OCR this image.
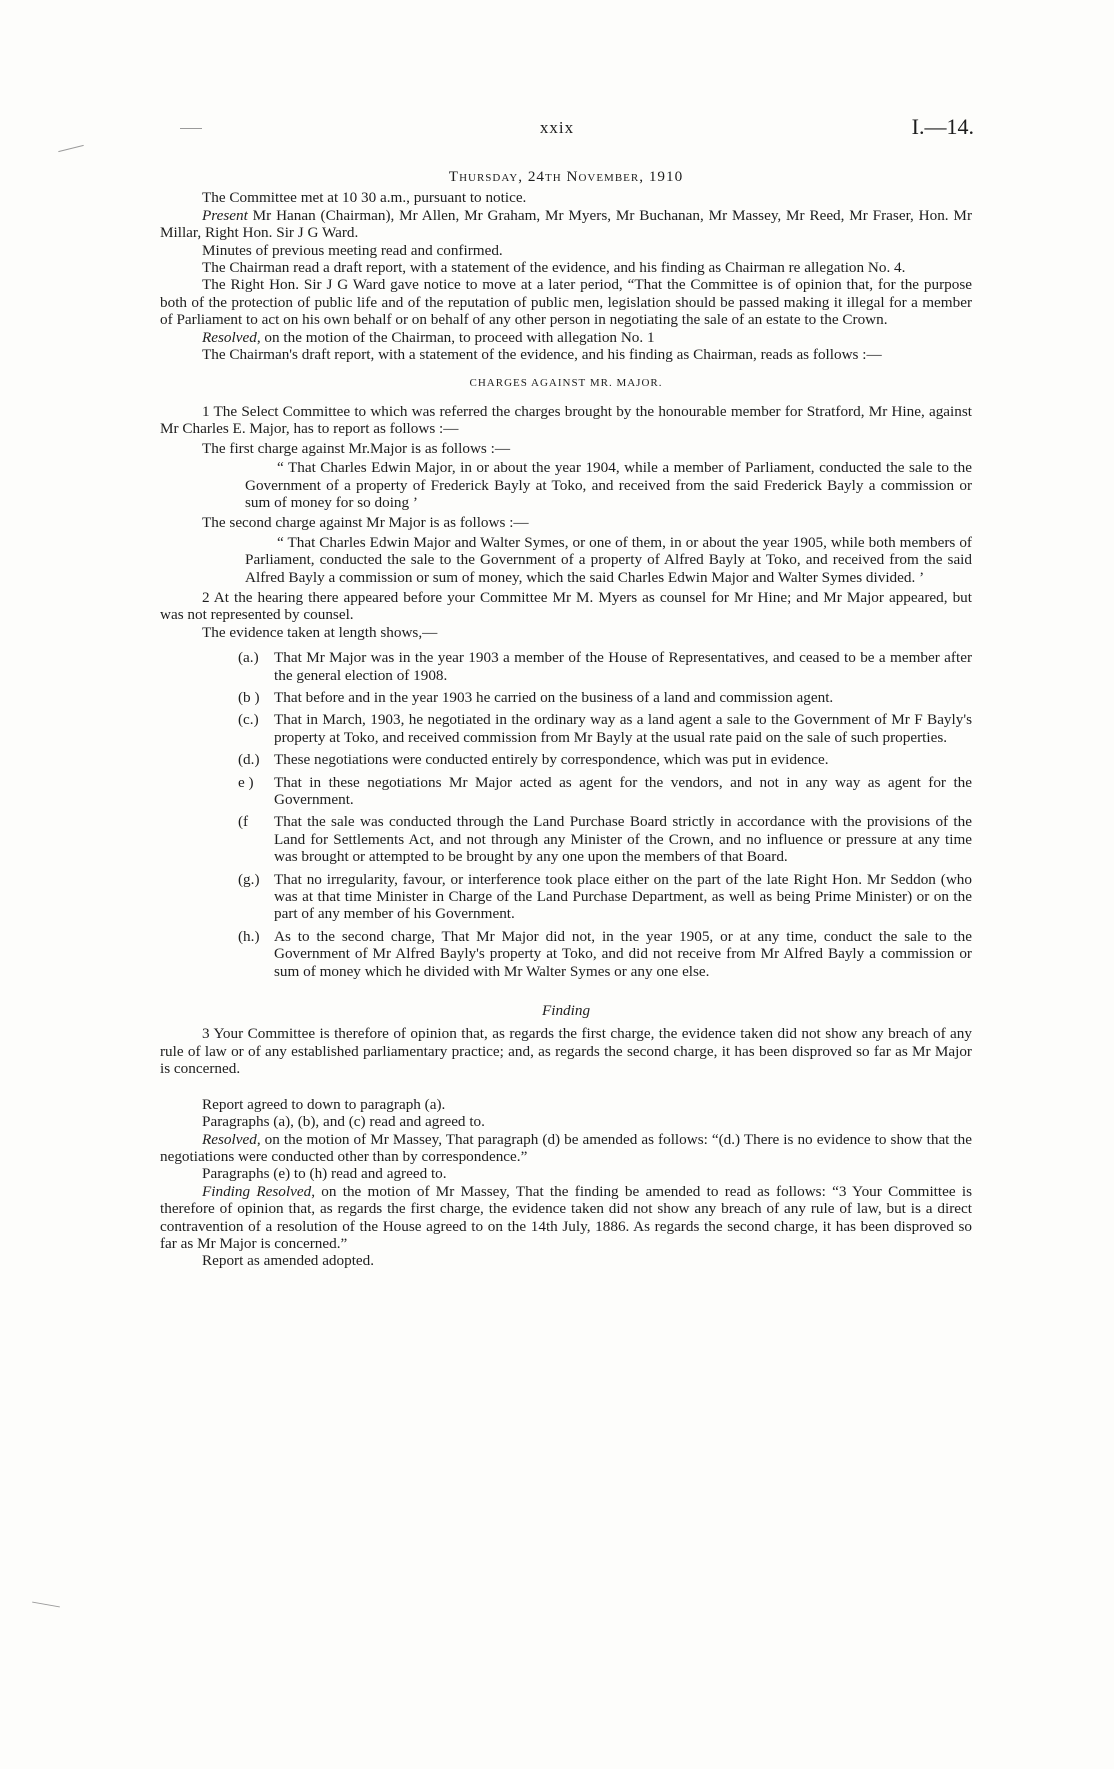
xxix	I.—14.

Thursday, 24th November, 1910

The Committee met at 10 30 a.m., pursuant to notice.

Present Mr Hanan (Chairman), Mr Allen, Mr Graham, Mr Myers, Mr Buchanan, Mr Massey, Mr Reed, Mr Fraser, Hon. Mr Millar, Right Hon. Sir J G Ward.

Minutes of previous meeting read and confirmed.

The Chairman read a draft report, with a statement of the evidence, and his finding as Chairman re allegation No. 4.

The Right Hon. Sir J G Ward gave notice to move at a later period, “That the Committee is of opinion that, for the purpose both of the protection of public life and of the reputation of public men, legislation should be passed making it illegal for a member of Parliament to act on his own behalf or on behalf of any other person in negotiating the sale of an estate to the Crown.

Resolved, on the motion of the Chairman, to proceed with allegation No. 1

The Chairman's draft report, with a statement of the evidence, and his finding as Chairman, reads as follows :—

CHARGES AGAINST MR. MAJOR.

1 The Select Committee to which was referred the charges brought by the honourable member for Stratford, Mr Hine, against Mr Charles E. Major, has to report as follows :—

The first charge against Mr.Major is as follows :—

“ That Charles Edwin Major, in or about the year 1904, while a member of Parliament, conducted the sale to the Government of a property of Frederick Bayly at Toko, and received from the said Frederick Bayly a commission or sum of money for so doing ’

The second charge against Mr Major is as follows :—

“ That Charles Edwin Major and Walter Symes, or one of them, in or about the year 1905, while both members of Parliament, conducted the sale to the Government of a property of Alfred Bayly at Toko, and received from the said Alfred Bayly a commission or sum of money, which the said Charles Edwin Major and Walter Symes divided. ’

2 At the hearing there appeared before your Committee Mr M. Myers as counsel for Mr Hine; and Mr Major appeared, but was not represented by counsel.

The evidence taken at length shows,—

(a.)	That Mr Major was in the year 1903 a member of the House of Representatives, and ceased to be a member after the general election of 1908.
(b ) That before and in the year 1903 he carried on the business of a land and commission agent.
(c.)	That in March, 1903, he negotiated in the ordinary way as a land agent a sale to the Government of Mr F Bayly's property at Toko, and received commission from Mr Bayly at the usual rate paid on the sale of such properties.
(d.) These negotiations were conducted entirely by correspondence, which was put in evidence.
e )	That in these negotiations Mr Major acted as agent for the vendors, and not in any way as agent for the Government.
(f	That the sale was conducted through the Land Purchase Board strictly in accordance with the provisions of the Land for Settlements Act, and not through any Minister of the Crown, and no influence or pressure at any time was brought or attempted to be brought by any one upon the members of that Board.
(g.) That no irregularity, favour, or interference took place either on the part of the late Right Hon. Mr Seddon (who was at that time Minister in Charge of the Land Purchase Department, as well as being Prime Minister) or on the part of any member of his Government.
(h.) As to the second charge, That Mr Major did not, in the year 1905, or at any time, conduct the sale to the Government of Mr Alfred Bayly's property at Toko, and did not receive from Mr Alfred Bayly a commission or sum of money which he divided with Mr Walter Symes or any one else.

Finding

3 Your Committee is therefore of opinion that, as regards the first charge, the evidence taken did not show any breach of any rule of law or of any established parliamentary practice; and, as regards the second charge, it has been disproved so far as Mr Major is concerned.

Report agreed to down to paragraph (a).

Paragraphs (a), (b), and (c) read and agreed to.

Resolved, on the motion of Mr Massey, That paragraph (d) be amended as follows: “(d.) There is no evidence to show that the negotiations were conducted other than by correspondence.”

Paragraphs (e) to (h) read and agreed to.

Finding Resolved, on the motion of Mr Massey, That the finding be amended to read as follows: “3 Your Committee is therefore of opinion that, as regards the first charge, the evidence taken did not show any breach of any rule of law, but is a direct contravention of a resolution of the House agreed to on the 14th July, 1886. As regards the second charge, it has been disproved so far as Mr Major is concerned.”

Report as amended adopted.
